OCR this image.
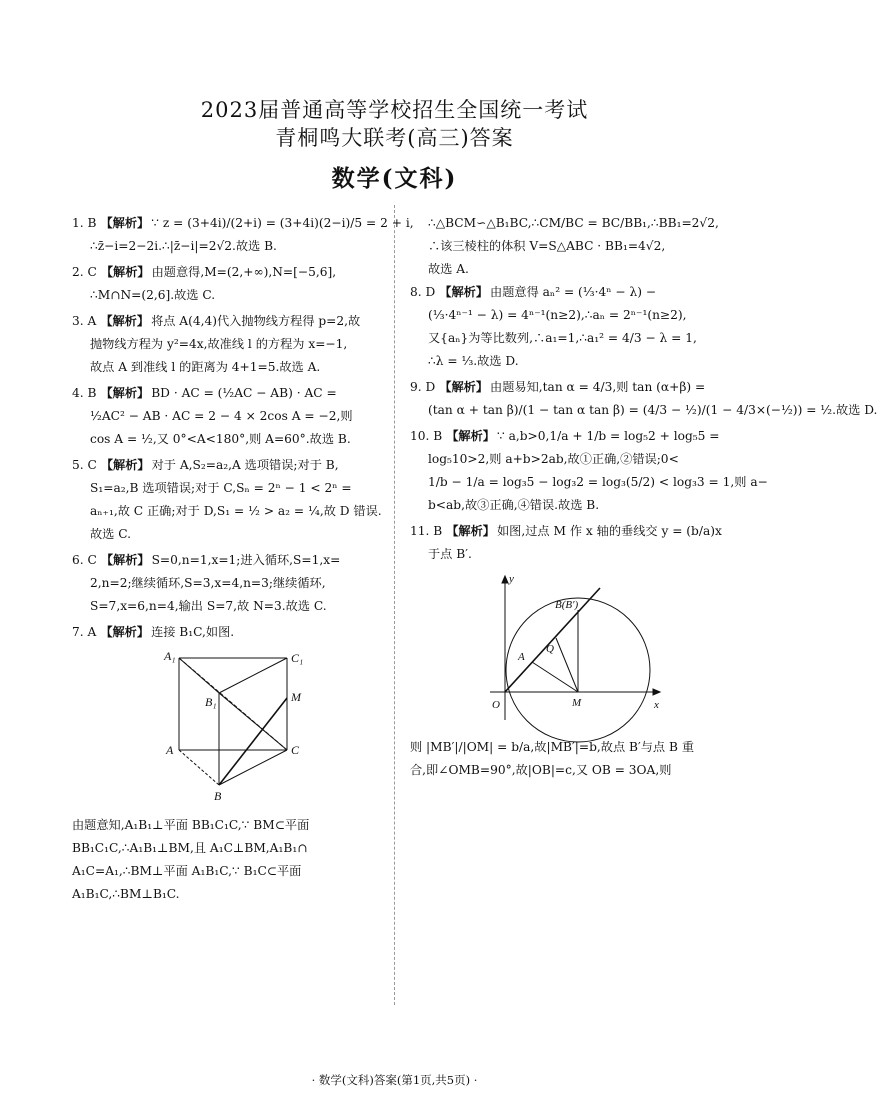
2023届普通高等学校招生全国统一考试
青桐鸣大联考(高三)答案
数学(文科)
1. B 【解析】 ∵ z = (3+4i)/(2+i) = (3+4i)(2−i)/5 = 2 + i,
∴z̄−i=2−2i.∴|z̄−i|=2√2.故选 B.
2. C 【解析】 由题意得,M=(2,+∞),N=[−5,6],
∴M∩N=(2,6].故选 C.
3. A 【解析】 将点 A(4,4)代入抛物线方程得 p=2,故
抛物线方程为 y²=4x,故准线 l 的方程为 x=−1,
故点 A 到准线 l 的距离为 4+1=5.故选 A.
4. B 【解析】 BD · AC = (½AC − AB) · AC =
½AC² − AB · AC = 2 − 4 × 2cos A = −2,则
cos A = ½,又 0°<A<180°,则 A=60°.故选 B.
5. C 【解析】 对于 A,S₂=a₂,A 选项错误;对于 B,
S₁=a₂,B 选项错误;对于 C,Sₙ = 2ⁿ − 1 < 2ⁿ =
aₙ₊₁,故 C 正确;对于 D,S₁ = ½ > a₂ = ¼,故 D 错误.
故选 C.
6. C 【解析】 S=0,n=1,x=1;进入循环,S=1,x=
2,n=2;继续循环,S=3,x=4,n=3;继续循环,
S=7,x=6,n=4,输出 S=7,故 N=3.故选 C.
7. A 【解析】 连接 B₁C,如图.
A₁	C₁
B₁	M
A	C
B
由题意知,A₁B₁⊥平面 BB₁C₁C,∵ BM⊂平面
BB₁C₁C,∴A₁B₁⊥BM,且 A₁C⊥BM,A₁B₁∩
A₁C=A₁,∴BM⊥平面 A₁B₁C,∵ B₁C⊂平面
A₁B₁C,∴BM⊥B₁C.
∴△BCM∽△B₁BC,∴CM/BC = BC/BB₁,∴BB₁=2√2,
∴该三棱柱的体积 V=S△ABC · BB₁=4√2,
故选 A.
8. D 【解析】 由题意得 aₙ² = (⅓·4ⁿ − λ) −
(⅓·4ⁿ⁻¹ − λ) = 4ⁿ⁻¹(n≥2),∴aₙ = 2ⁿ⁻¹(n≥2),
又{aₙ}为等比数列,∴a₁=1,∴a₁² = 4/3 − λ = 1,
∴λ = ⅓.故选 D.
9. D 【解析】 由题易知,tan α = 4/3,则 tan (α+β) =
(tan α + tan β)/(1 − tan α tan β) = (4/3 − ½)/(1 − 4/3×(−½)) = ½.故选 D.
10. B 【解析】 ∵ a,b>0,1/a + 1/b = log₅2 + log₅5 =
log₅10>2,则 a+b>2ab,故①正确,②错误;0<
1/b − 1/a = log₃5 − log₃2 = log₃(5/2) < log₃3 = 1,则 a−
b<ab,故③正确,④错误.故选 B.
11. B 【解析】 如图,过点 M 作 x 轴的垂线交 y = (b/a)x
于点 B′.
y
B(B′)
A
Q
O	M	x
则 |MB′|/|OM| = b/a,故|MB′|=b,故点 B′与点 B 重
合,即∠OMB=90°,故|OB|=c,又 OB = 3OA,则
· 数学(文科)答案(第1页,共5页) ·
